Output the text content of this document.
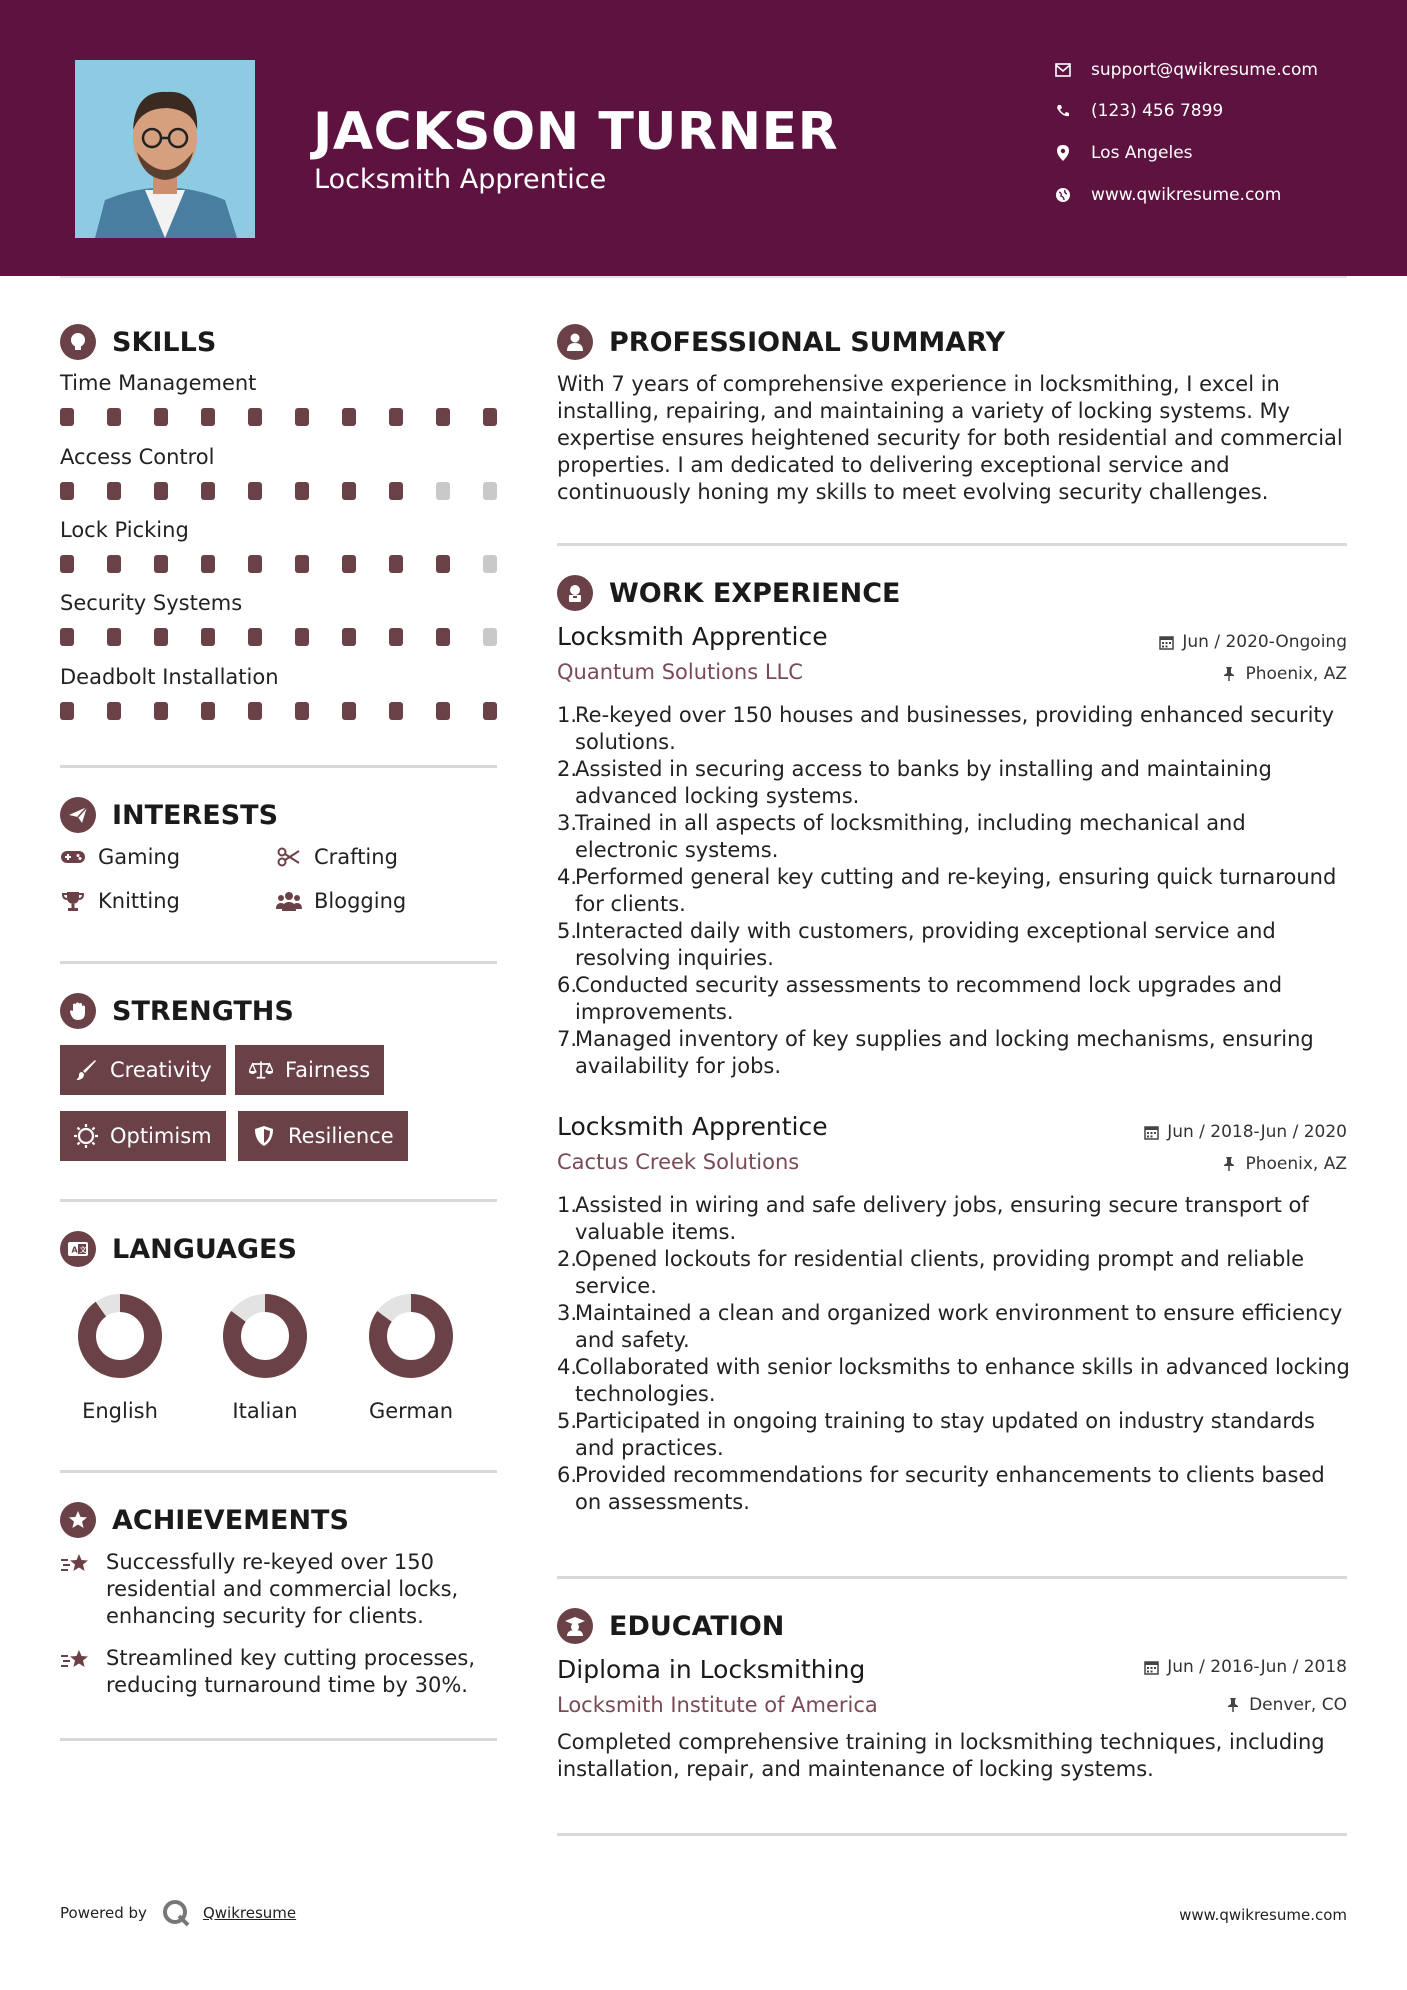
JACKSON TURNER
Locksmith Apprentice
support@qwikresume.com
(123) 456 7899
Los Angeles
www.qwikresume.com
SKILLS
Time Management
Access Control
Lock Picking
Security Systems
Deadbolt Installation
INTERESTS
Gaming	Crafting
Knitting	Blogging
STRENGTHS
Creativity	Fairness
Optimism	Resilience
A 文 LANGUAGES
English	Italian	German
ACHIEVEMENTS
Successfully re-keyed over 150 residential and commercial locks, enhancing security for clients.
Streamlined key cutting processes, reducing turnaround time by 30%.
PROFESSIONAL SUMMARY
With 7 years of comprehensive experience in locksmithing, I excel in installing, repairing, and maintaining a variety of locking systems. My expertise ensures heightened security for both residential and commercial properties. I am dedicated to delivering exceptional service and continuously honing my skills to meet evolving security challenges.
WORK EXPERIENCE
Locksmith Apprentice	Jun / 2020-Ongoing
Quantum Solutions LLC	Phoenix, AZ
1.
Re-keyed over 150 houses and businesses, providing enhanced security solutions.
2.
Assisted in securing access to banks by installing and maintaining advanced locking systems.
3.
Trained in all aspects of locksmithing, including mechanical and electronic systems.
4.
Performed general key cutting and re-keying, ensuring quick turnaround for clients.
5.
Interacted daily with customers, providing exceptional service and resolving inquiries.
6.
Conducted security assessments to recommend lock upgrades and improvements.
7.
Managed inventory of key supplies and locking mechanisms, ensuring availability for jobs.
Locksmith Apprentice	Jun / 2018-Jun / 2020
Cactus Creek Solutions	Phoenix, AZ
1.
Assisted in wiring and safe delivery jobs, ensuring secure transport of valuable items.
2.
Opened lockouts for residential clients, providing prompt and reliable service.
3.
Maintained a clean and organized work environment to ensure efficiency and safety.
4.
Collaborated with senior locksmiths to enhance skills in advanced locking technologies.
5.
Participated in ongoing training to stay updated on industry standards and practices.
6.
Provided recommendations for security enhancements to clients based on assessments.
EDUCATION
Diploma in Locksmithing	Jun / 2016-Jun / 2018
Locksmith Institute of America	Denver, CO
Completed comprehensive training in locksmithing techniques, including installation, repair, and maintenance of locking systems.
Powered by	Qwikresume	www.qwikresume.com
